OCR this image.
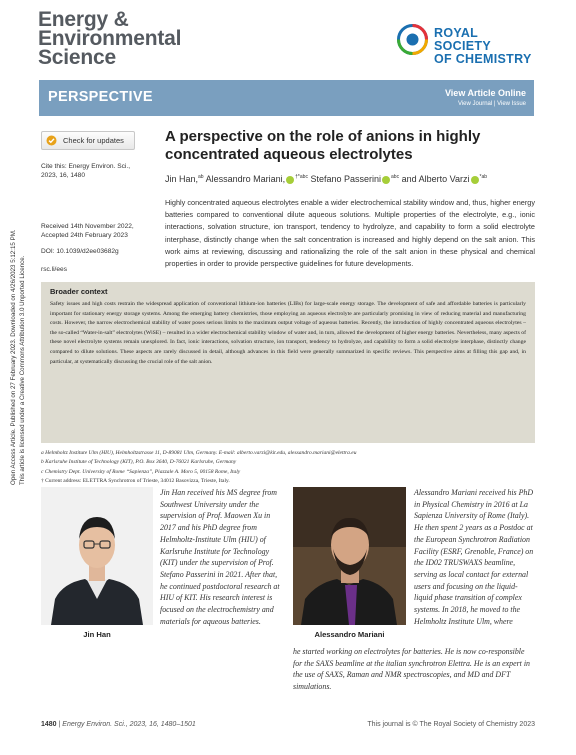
Open Access Article. Published on 27 February 2023. Downloaded on 4/26/2023 5:12:15 PM. This article is licensed under a Creative Commons Attribution 3.0 Unported Licence.
Energy &
Environmental
Science
ROYAL SOCIETY
OF CHEMISTRY
PERSPECTIVE	View Article Online
View Journal | View Issue
Check for updates
Cite this: Energy Environ. Sci., 2023, 16, 1480
Received 14th November 2022,
Accepted 24th February 2023
DOI: 10.1039/d2ee03682g
rsc.li/ees
A perspective on the role of anions in highly concentrated aqueous electrolytes
Jin Han,$^{ab}$ Alessandro Mariani, $^{\dagger*abc}$ Stefano Passerini $^{abc}$ and Alberto Varzi $^{*ab}$
Highly concentrated aqueous electrolytes enable a wider electrochemical stability window and, thus, higher energy batteries compared to conventional dilute aqueous solutions. Multiple properties of the electrolyte, e.g., ionic interactions, solvation structure, ion transport, tendency to hydrolyze, and capability to form a solid electrolyte interphase, distinctly change when the salt concentration is increased and highly depend on the salt anion. This work aims at reviewing, discussing and rationalizing the role of the salt anion in these physical and chemical properties in order to provide perspective guidelines for future developments.
Broader context
Safety issues and high costs restrain the widespread application of conventional lithium-ion batteries (LIBs) for large-scale energy storage. The development of safe and affordable batteries is particularly important for stationary energy storage systems. Among the emerging battery chemistries, those employing an aqueous electrolyte are particularly promising in view of reducing material and manufacturing costs. However, the narrow electrochemical stability of water poses serious limits to the maximum output voltage of aqueous batteries. Recently, the introduction of highly concentrated aqueous electrolytes – the so-called “Water-in-salt” electrolytes (WiSE) – resulted in a wider electrochemical stability window of water and, in turn, allowed the development of higher energy batteries. Nevertheless, many aspects of these novel electrolyte systems remain unexplored. In fact, ionic interactions, solvation structure, ion transport, tendency to hydrolyze, and capability to form a solid electrolyte interphase, distinctly change compared to dilute solutions. These aspects are rarely discussed in detail, although advances in this field were generally summarized in specific reviews. This perspective aims at filling this gap and, in particular, at systematically discussing the crucial role of the salt anion.
a Helmholtz Institute Ulm (HIU), Helmholtzstrasse 11, D-89081 Ulm, Germany. E-mail: alberto.varzi@kit.edu, alessandro.mariani@elettra.eu
b Karlsruhe Institute of Technology (KIT), P.O. Box 3640, D-76021 Karlsruhe, Germany
c Chemistry Dept. University of Rome “Sapienza”, Piazzale A. Moro 5, 00158 Rome, Italy
† Current address: ELETTRA Synchrotron of Trieste, 34012 Basovizza, Trieste, Italy.
Jin Han
Jin Han received his MS degree from Southwest University under the supervision of Prof. Maowen Xu in 2017 and his PhD degree from Helmholtz-Institute Ulm (HIU) of Karlsruhe Institute for Technology (KIT) under the supervision of Prof. Stefano Passerini in 2021. After that, he continued postdoctoral research at HIU of KIT. His research interest is focused on the electrochemistry and materials for aqueous batteries.
Alessandro Mariani
Alessandro Mariani received his PhD in Physical Chemistry in 2016 at La Sapienza University of Rome (Italy). He then spent 2 years as a Postdoc at the European Synchrotron Radiation Facility (ESRF, Grenoble, France) on the ID02 TRUSWAXS beamline, serving as local contact for external users and focusing on the liquid-liquid phase transition of complex systems. In 2018, he moved to the Helmholtz Institute Ulm, where
he started working on electrolytes for batteries. He is now co-responsible for the SAXS beamline at the italian synchrotron Elettra. He is an expert in the use of SAXS, Raman and NMR spectroscopies, and MD and DFT simulations.
1480 | Energy Environ. Sci., 2023, 16, 1480–1501	This journal is © The Royal Society of Chemistry 2023
